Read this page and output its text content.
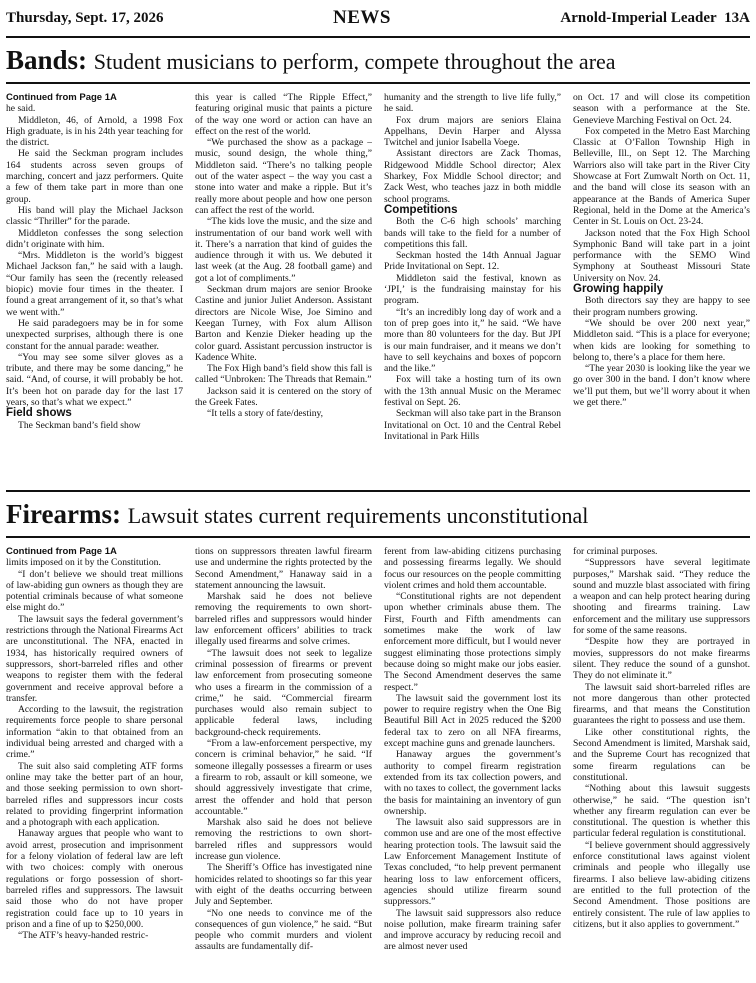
Thursday, Sept. 17, 2026	NEWS	Arnold-Imperial Leader 13A
Bands: Student musicians to perform, compete throughout the area

Continued from Page 1A

he said.

Middleton, 46, of Arnold, a 1998 Fox High graduate, is in his 24th year teaching for the district.

He said the Seckman program includes 164 students across seven groups of marching, concert and jazz performers. Quite a few of them take part in more than one group.

His band will play the Michael Jackson classic “Thriller” for the parade.

Middleton confesses the song selection didn’t originate with him.

“Mrs. Middleton is the world’s biggest Michael Jackson fan,” he said with a laugh. “Our family has seen the (recently released biopic) movie four times in the theater. I found a great arrangement of it, so that’s what we went with.”

He said paradegoers may be in for some unexpected surprises, although there is one constant for the annual parade: weather.

“You may see some silver gloves as a tribute, and there may be some dancing,” he said. “And, of course, it will probably be hot. It’s been hot on parade day for the last 17 years, so that’s what we expect.”

Field shows

The Seckman band’s field show

this year is called “The Ripple Effect,” featuring original music that paints a picture of the way one word or action can have an effect on the rest of the world.

“We purchased the show as a package – music, sound design, the whole thing,” Middleton said. “There’s no talking people out of the water aspect – the way you cast a stone into water and make a ripple. But it’s really more about people and how one person can affect the rest of the world.

“The kids love the music, and the size and instrumentation of our band work well with it. There’s a narration that kind of guides the audience through it with us. We debuted it last week (at the Aug. 28 football game) and got a lot of compliments.”

Seckman drum majors are senior Brooke Castine and junior Juliet Anderson. Assistant directors are Nicole Wise, Joe Simino and Keegan Turney, with Fox alum Allison Barton and Kenzie Dieker heading up the color guard. Assistant percussion instructor is Kadence White.

The Fox High band’s field show this fall is called “Unbroken: The Threads that Remain.”

Jackson said it is centered on the story of the Greek Fates.

“It tells a story of fate/destiny,

humanity and the strength to live life fully,” he said.

Fox drum majors are seniors Elaina Appelhans, Devin Harper and Alyssa Twitchel and junior Isabella Voege.

Assistant directors are Zack Thomas, Ridgewood Middle School director; Alex Sharkey, Fox Middle School director; and Zack West, who teaches jazz in both middle school programs.

Competitions

Both the C-6 high schools’ marching bands will take to the field for a number of competitions this fall.

Seckman hosted the 14th Annual Jaguar Pride Invitational on Sept. 12.

Middleton said the festival, known as ‘JPI,’ is the fundraising mainstay for his program.

“It’s an incredibly long day of work and a ton of prep goes into it,” he said. “We have more than 80 volunteers for the day. But JPI is our main fundraiser, and it means we don’t have to sell keychains and boxes of popcorn and the like.”

Fox will take a hosting turn of its own with the 13th annual Music on the Meramec festival on Sept. 26.

Seckman will also take part in the Branson Invitational on Oct. 10 and the Central Rebel Invitational in Park Hills

on Oct. 17 and will close its competition season with a performance at the Ste. Genevieve Marching Festival on Oct. 24.

Fox competed in the Metro East Marching Classic at O’Fallon Township High in Belleville, Ill., on Sept 12. The Marching Warriors also will take part in the River City Showcase at Fort Zumwalt North on Oct. 11, and the band will close its season with an appearance at the Bands of America Super Regional, held in the Dome at the America’s Center in St. Louis on Oct. 23-24.

Jackson noted that the Fox High School Symphonic Band will take part in a joint performance with the SEMO Wind Symphony at Southeast Missouri State University on Nov. 24.

Growing happily

Both directors say they are happy to see their program numbers growing.

“We should be over 200 next year,” Middleton said. “This is a place for everyone; when kids are looking for something to belong to, there’s a place for them here.

“The year 2030 is looking like the year we go over 300 in the band. I don’t know where we’ll put them, but we’ll worry about it when we get there.”

Firearms: Lawsuit states current requirements unconstitutional

Continued from Page 1A

limits imposed on it by the Constitution.

“I don’t believe we should treat millions of law-abiding gun owners as though they are potential criminals because of what someone else might do.”

The lawsuit says the federal government’s restrictions through the National Firearms Act are unconstitutional. The NFA, enacted in 1934, has historically required owners of suppressors, short-barreled rifles and other weapons to register them with the federal government and receive approval before a transfer.

According to the lawsuit, the registration requirements force people to share personal information “akin to that obtained from an individual being arrested and charged with a crime.”

The suit also said completing ATF forms online may take the better part of an hour, and those seeking permission to own short-barreled rifles and suppressors incur costs related to providing fingerprint information and a photograph with each application.

Hanaway argues that people who want to avoid arrest, prosecution and imprisonment for a felony violation of federal law are left with two choices: comply with onerous regulations or forgo possession of short-barreled rifles and suppressors. The lawsuit said those who do not have proper registration could face up to 10 years in prison and a fine of up to $250,000.

“The ATF’s heavy-handed restric-

tions on suppressors threaten lawful firearm use and undermine the rights protected by the Second Amendment,” Hanaway said in a statement announcing the lawsuit.

Marshak said he does not believe removing the requirements to own short-barreled rifles and suppressors would hinder law enforcement officers’ abilities to track illegally used firearms and solve crimes.

“The lawsuit does not seek to legalize criminal possession of firearms or prevent law enforcement from prosecuting someone who uses a firearm in the commission of a crime,” he said. “Commercial firearm purchases would also remain subject to applicable federal laws, including background-check requirements.

“From a law-enforcement perspective, my concern is criminal behavior,” he said. “If someone illegally possesses a firearm or uses a firearm to rob, assault or kill someone, we should aggressively investigate that crime, arrest the offender and hold that person accountable.”

Marshak also said he does not believe removing the restrictions to own short-barreled rifles and suppressors would increase gun violence.

The Sheriff’s Office has investigated nine homicides related to shootings so far this year with eight of the deaths occurring between July and September.

“No one needs to convince me of the consequences of gun violence,” he said. “But people who commit murders and violent assaults are fundamentally dif-

ferent from law-abiding citizens purchasing and possessing firearms legally. We should focus our resources on the people committing violent crimes and hold them accountable.

“Constitutional rights are not dependent upon whether criminals abuse them. The First, Fourth and Fifth amendments can sometimes make the work of law enforcement more difficult, but I would never suggest eliminating those protections simply because doing so might make our jobs easier. The Second Amendment deserves the same respect.”

The lawsuit said the government lost its power to require registry when the One Big Beautiful Bill Act in 2025 reduced the $200 federal tax to zero on all NFA firearms, except machine guns and grenade launchers.

Hanaway argues the government’s authority to compel firearm registration extended from its tax collection powers, and with no taxes to collect, the government lacks the basis for maintaining an inventory of gun ownership.

The lawsuit also said suppressors are in common use and are one of the most effective hearing protection tools. The lawsuit said the Law Enforcement Management Institute of Texas concluded, “to help prevent permanent hearing loss to law enforcement officers, agencies should utilize firearm sound suppressors.”

The lawsuit said suppressors also reduce noise pollution, make firearm training safer and improve accuracy by reducing recoil and are almost never used

for criminal purposes.

“Suppressors have several legitimate purposes,” Marshak said. “They reduce the sound and muzzle blast associated with firing a weapon and can help protect hearing during shooting and firearms training. Law enforcement and the military use suppressors for some of the same reasons.

“Despite how they are portrayed in movies, suppressors do not make firearms silent. They reduce the sound of a gunshot. They do not eliminate it.”

The lawsuit said short-barreled rifles are not more dangerous than other protected firearms, and that means the Constitution guarantees the right to possess and use them.

Like other constitutional rights, the Second Amendment is limited, Marshak said, and the Supreme Court has recognized that some firearm regulations can be constitutional.

“Nothing about this lawsuit suggests otherwise,” he said. “The question isn’t whether any firearm regulation can ever be constitutional. The question is whether this particular federal regulation is constitutional.

“I believe government should aggressively enforce constitutional laws against violent criminals and people who illegally use firearms. I also believe law-abiding citizens are entitled to the full protection of the Second Amendment. Those positions are entirely consistent. The rule of law applies to citizens, but it also applies to government.”
